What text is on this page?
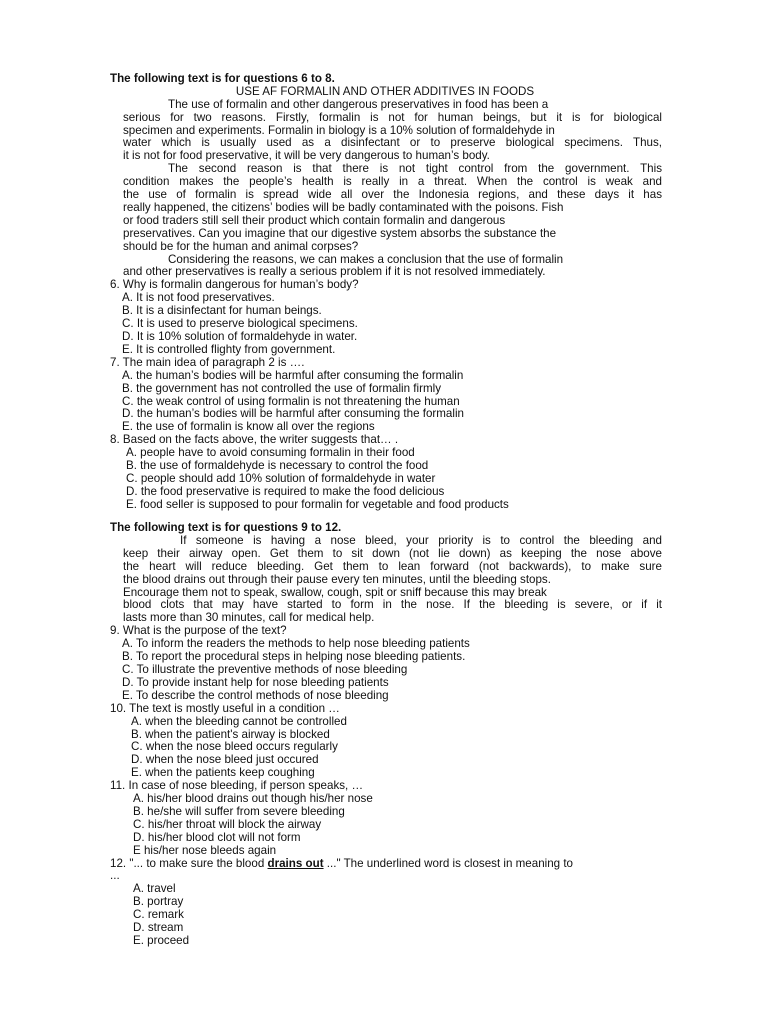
The following text is for questions 6 to 8.
USE AF FORMALIN AND OTHER ADDITIVES IN FOODS
The use of formalin and other dangerous preservatives in food has been a
serious for two reasons. Firstly, formalin is not for human beings, but it is for biological
specimen and experiments. Formalin in biology is a 10% solution of formaldehyde in
water which is usually used as a disinfectant or to preserve biological specimens. Thus,
it is not for food preservative, it will be very dangerous to human’s body.
The second reason is that there is not tight control from the government. This
condition makes the people’s health is really in a threat. When the control is weak and
the use of formalin is spread wide all over the Indonesia regions, and these days it has
really happened, the citizens’ bodies will be badly contaminated with the poisons. Fish
or food traders still sell their product which contain formalin and dangerous
preservatives. Can you imagine that our digestive system absorbs the substance the
should be for the human and animal corpses?
Considering the reasons, we can makes a conclusion that the use of formalin
and other preservatives is really a serious problem if it is not resolved immediately.
6. Why is formalin dangerous for human’s body?
A. It is not food preservatives.
B. It is a disinfectant for human beings.
C. It is used to preserve biological specimens.
D. It is 10% solution of formaldehyde in water.
E. It is controlled flighty from government.
7. The main idea of paragraph 2 is ….
A. the human’s bodies will be harmful after consuming the formalin
B. the government has not controlled the use of formalin firmly
C. the weak control of using formalin is not threatening the human
D. the human’s bodies will be harmful after consuming the formalin
E. the use of formalin is know all over the regions
8. Based on the facts above, the writer suggests that… .
A. people have to avoid consuming formalin in their food
B. the use of formaldehyde is necessary to control the food
C. people should add 10% solution of formaldehyde in water
D. the food preservative is required to make the food delicious
E. food seller is supposed to pour formalin for vegetable and food products
The following text is for questions 9 to 12.
If someone is having a nose bleed, your priority is to control the bleeding and
keep their airway open. Get them to sit down (not lie down) as keeping the nose above
the heart will reduce bleeding. Get them to lean forward (not backwards), to make sure
the blood drains out through their pause every ten minutes, until the bleeding stops.
Encourage them not to speak, swallow, cough, spit or sniff because this may break
blood clots that may have started to form in the nose. If the bleeding is severe, or if it
lasts more than 30 minutes, call for medical help.
9. What is the purpose of the text?
A. To inform the readers the methods to help nose bleeding patients
B. To report the procedural steps in helping nose bleeding patients.
C. To illustrate the preventive methods of nose bleeding
D. To provide instant help for nose bleeding patients
E. To describe the control methods of nose bleeding
10. The text is mostly useful in a condition …
A. when the bleeding cannot be controlled
B. when the patient's airway is blocked
C. when the nose bleed occurs regularly
D. when the nose bleed just occured
E. when the patients keep coughing
11. In case of nose bleeding, if person speaks, …
A. his/her blood drains out though his/her nose
B. he/she will suffer from severe bleeding
C. his/her throat will block the airway
D. his/her blood clot will not form
E his/her nose bleeds again
12. "... to make sure the blood drains out ..." The underlined word is closest in meaning to
...
A. travel
B. portray
C. remark
D. stream
E. proceed
